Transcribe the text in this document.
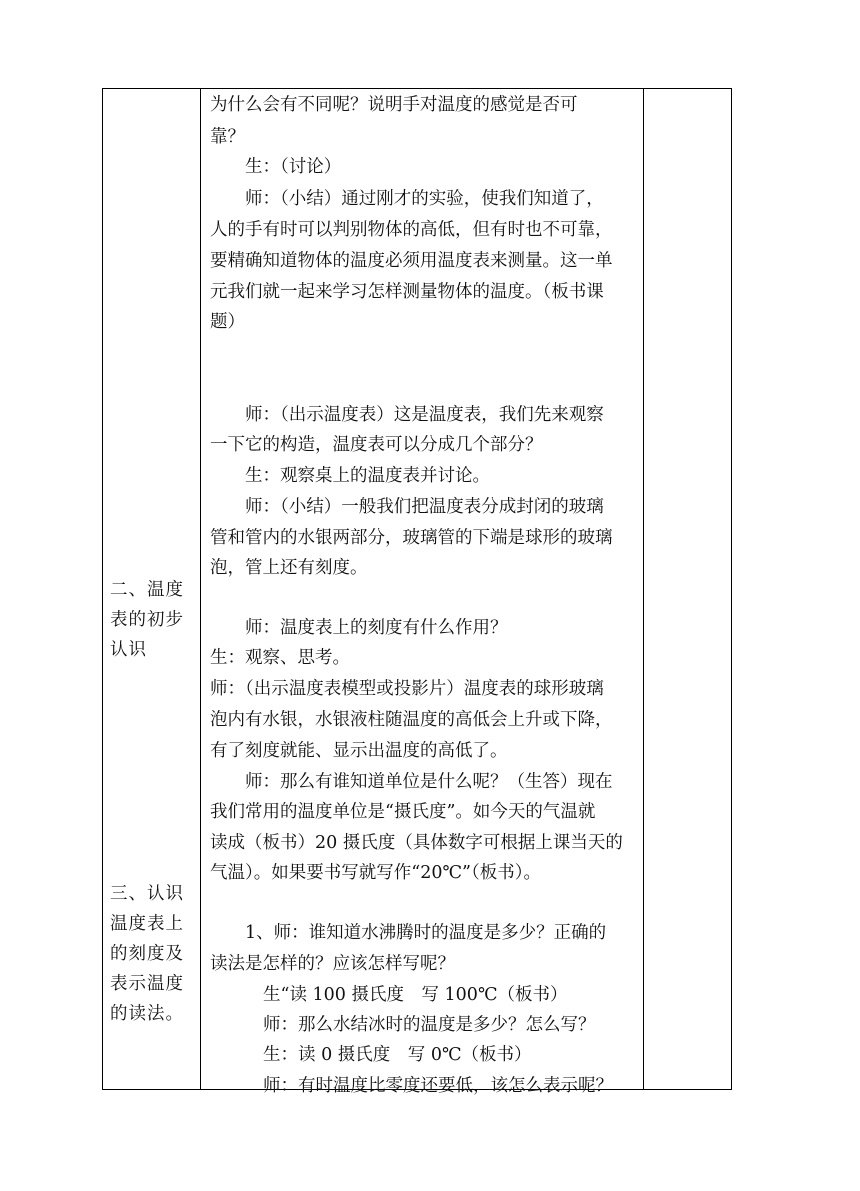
二、温度
表的初步
认识
三、认识
温度表上
的刻度及
表示温度
的读法。
为什么会有不同呢？说明手对温度的感觉是否可
靠？
生：（讨论）
师：（小结）通过刚才的实验，使我们知道了，
人的手有时可以判别物体的高低，但有时也不可靠，
要精确知道物体的温度必须用温度表来测量。这一单
元我们就一起来学习怎样测量物体的温度。（板书课
题）
师：（出示温度表）这是温度表，我们先来观察
一下它的构造，温度表可以分成几个部分？
生：观察桌上的温度表并讨论。
师：（小结）一般我们把温度表分成封闭的玻璃
管和管内的水银两部分，玻璃管的下端是球形的玻璃
泡，管上还有刻度。
师：温度表上的刻度有什么作用？
生：观察、思考。
师：（出示温度表模型或投影片）温度表的球形玻璃
泡内有水银，水银液柱随温度的高低会上升或下降，
有了刻度就能、显示出温度的高低了。
师：那么有谁知道单位是什么呢？（生答）现在
我们常用的温度单位是“摄氏度”。如今天的气温就
读成（板书）20 摄氏度（具体数字可根据上课当天的
气温）。如果要书写就写作“20℃”（板书）。
1、师：谁知道水沸腾时的温度是多少？正确的
读法是怎样的？应该怎样写呢？
生“读 100 摄氏度　写 100℃（板书）
师：那么水结冰时的温度是多少？怎么写？
生：读 0 摄氏度　写 0℃（板书）
师：有时温度比零度还要低，该怎么表示呢？
